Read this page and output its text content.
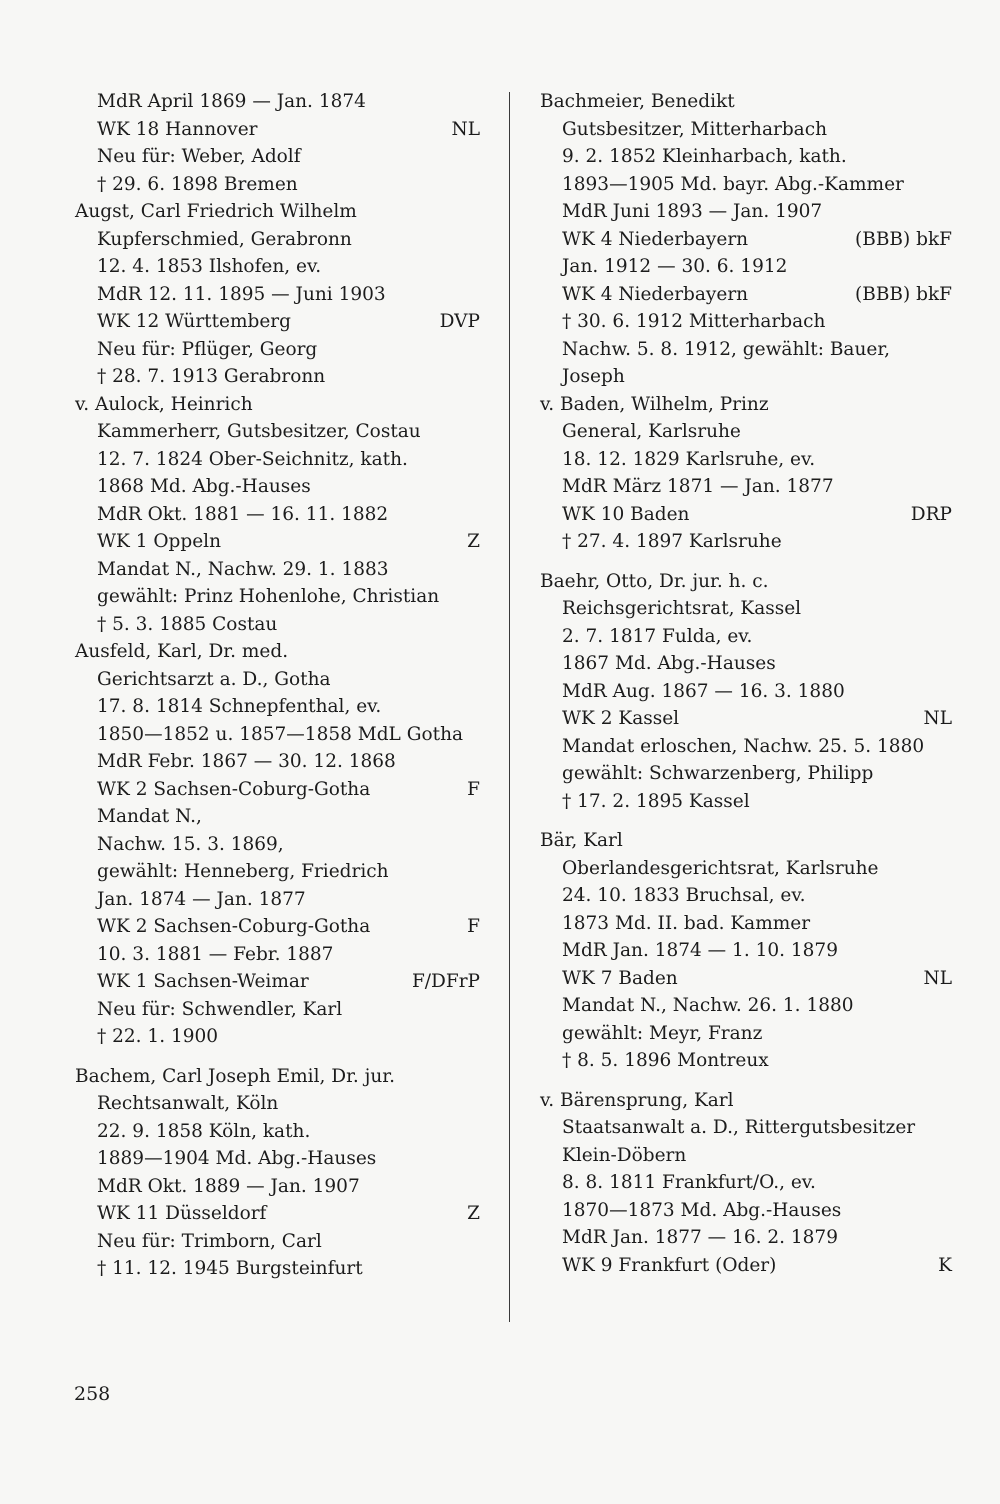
MdR April 1869 — Jan. 1874
WK 18 Hannover	NL
Neu für: Weber, Adolf
† 29. 6. 1898 Bremen
Augst, Carl Friedrich Wilhelm
Kupferschmied, Gerabronn
12. 4. 1853 Ilshofen, ev.
MdR 12. 11. 1895 — Juni 1903
WK 12 Württemberg	DVP
Neu für: Pflüger, Georg
† 28. 7. 1913 Gerabronn
v. Aulock, Heinrich
Kammerherr, Gutsbesitzer, Costau
12. 7. 1824 Ober-Seichnitz, kath.
1868 Md. Abg.-Hauses
MdR Okt. 1881 — 16. 11. 1882
WK 1 Oppeln	Z
Mandat N., Nachw. 29. 1. 1883
gewählt: Prinz Hohenlohe, Christian
† 5. 3. 1885 Costau
Ausfeld, Karl, Dr. med.
Gerichtsarzt a. D., Gotha
17. 8. 1814 Schnepfenthal, ev.
1850—1852 u. 1857—1858 MdL Gotha
MdR Febr. 1867 — 30. 12. 1868
WK 2 Sachsen-Coburg-Gotha	F
Mandat N.,
Nachw. 15. 3. 1869,
gewählt: Henneberg, Friedrich
Jan. 1874 — Jan. 1877
WK 2 Sachsen-Coburg-Gotha	F
10. 3. 1881 — Febr. 1887
WK 1 Sachsen-Weimar	F/DFrP
Neu für: Schwendler, Karl
† 22. 1. 1900
Bachem, Carl Joseph Emil, Dr. jur.
Rechtsanwalt, Köln
22. 9. 1858 Köln, kath.
1889—1904 Md. Abg.-Hauses
MdR Okt. 1889 — Jan. 1907
WK 11 Düsseldorf	Z
Neu für: Trimborn, Carl
† 11. 12. 1945 Burgsteinfurt
Bachmeier, Benedikt
Gutsbesitzer, Mitterharbach
9. 2. 1852 Kleinharbach, kath.
1893—1905 Md. bayr. Abg.-Kammer
MdR Juni 1893 — Jan. 1907
WK 4 Niederbayern	(BBB) bkF
Jan. 1912 — 30. 6. 1912
WK 4 Niederbayern	(BBB) bkF
† 30. 6. 1912 Mitterharbach
Nachw. 5. 8. 1912, gewählt: Bauer,
Joseph
v. Baden, Wilhelm, Prinz
General, Karlsruhe
18. 12. 1829 Karlsruhe, ev.
MdR März 1871 — Jan. 1877
WK 10 Baden	DRP
† 27. 4. 1897 Karlsruhe
Baehr, Otto, Dr. jur. h. c.
Reichsgerichtsrat, Kassel
2. 7. 1817 Fulda, ev.
1867 Md. Abg.-Hauses
MdR Aug. 1867 — 16. 3. 1880
WK 2 Kassel	NL
Mandat erloschen, Nachw. 25. 5. 1880
gewählt: Schwarzenberg, Philipp
† 17. 2. 1895 Kassel
Bär, Karl
Oberlandesgerichtsrat, Karlsruhe
24. 10. 1833 Bruchsal, ev.
1873 Md. II. bad. Kammer
MdR Jan. 1874 — 1. 10. 1879
WK 7 Baden	NL
Mandat N., Nachw. 26. 1. 1880
gewählt: Meyr, Franz
† 8. 5. 1896 Montreux
v. Bärensprung, Karl
Staatsanwalt a. D., Rittergutsbesitzer
Klein-Döbern
8. 8. 1811 Frankfurt/O., ev.
1870—1873 Md. Abg.-Hauses
MdR Jan. 1877 — 16. 2. 1879
WK 9 Frankfurt (Oder)	K
258
